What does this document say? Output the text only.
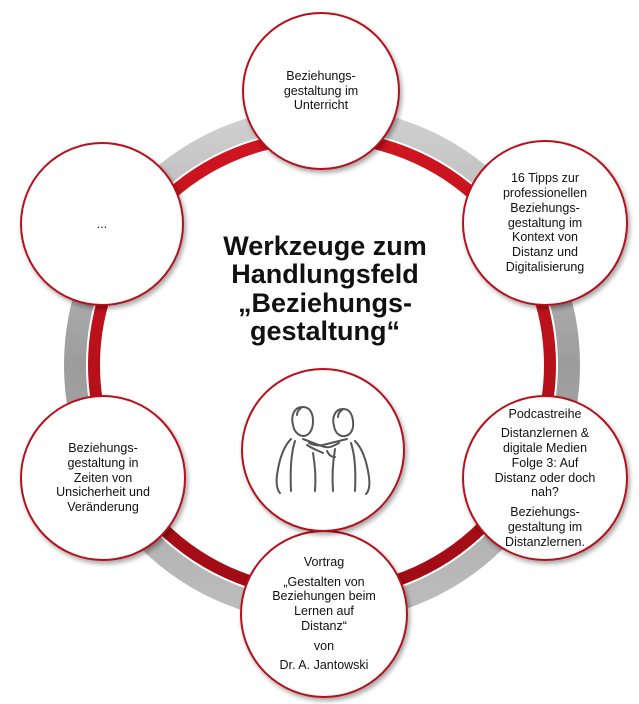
Werkzeuge zum
Handlungsfeld
„Beziehungs-
gestaltung“
Beziehungs-
gestaltung im
Unterricht
16 Tipps zur
professionellen
Beziehungs-
gestaltung im
Kontext von
Distanz und
Digitalisierung

Podcastreihe

Distanzlernen &
digitale Medien
Folge 3: Auf
Distanz oder doch
nah?

Beziehungs-
gestaltung im
Distanzlernen.

Vortrag

„Gestalten von
Beziehungen beim
Lernen auf
Distanz“

von

Dr. A. Jantowski

Beziehungs-
gestaltung in
Zeiten von
Unsicherheit und
Veränderung
...
